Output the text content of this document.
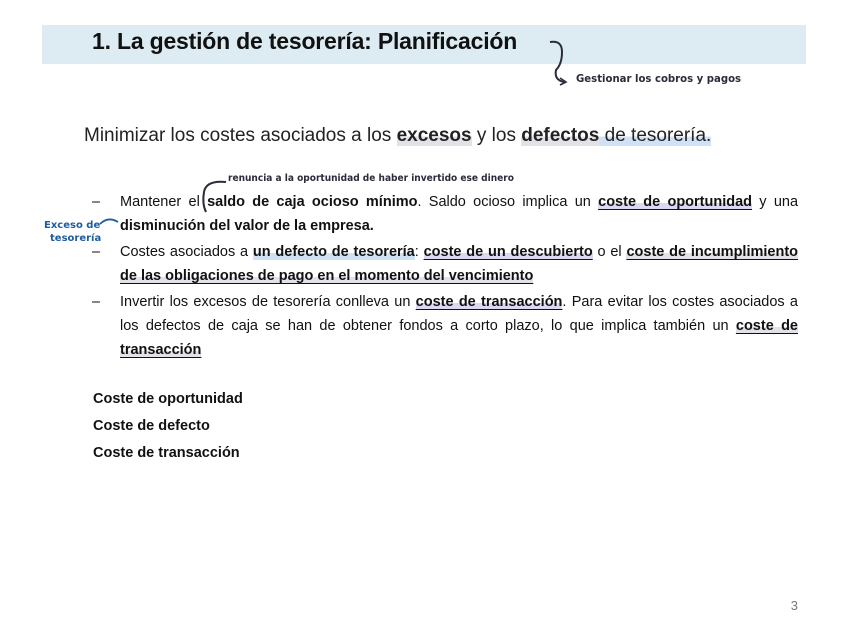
1. La gestión de tesorería: Planificación
Gestionar los cobros y pagos
Minimizar los costes asociados a los excesos y los defectos de tesorería.
renuncia a la oportunidad de haber invertido ese dinero
Exceso de
tesorería
–	Mantener el saldo de caja ocioso mínimo. Saldo ocioso implica un coste de oportunidad y una disminución del valor de la empresa.
–	Costes asociados a un defecto de tesorería: coste de un descubierto o el coste de incumplimiento de las obligaciones de pago en el momento del vencimiento
–	Invertir los excesos de tesorería conlleva un coste de transacción. Para evitar los costes asociados a los defectos de caja se han de obtener fondos a corto plazo, lo que implica también un coste de transacción
Coste de oportunidad
Coste de defecto
Coste de transacción
3
